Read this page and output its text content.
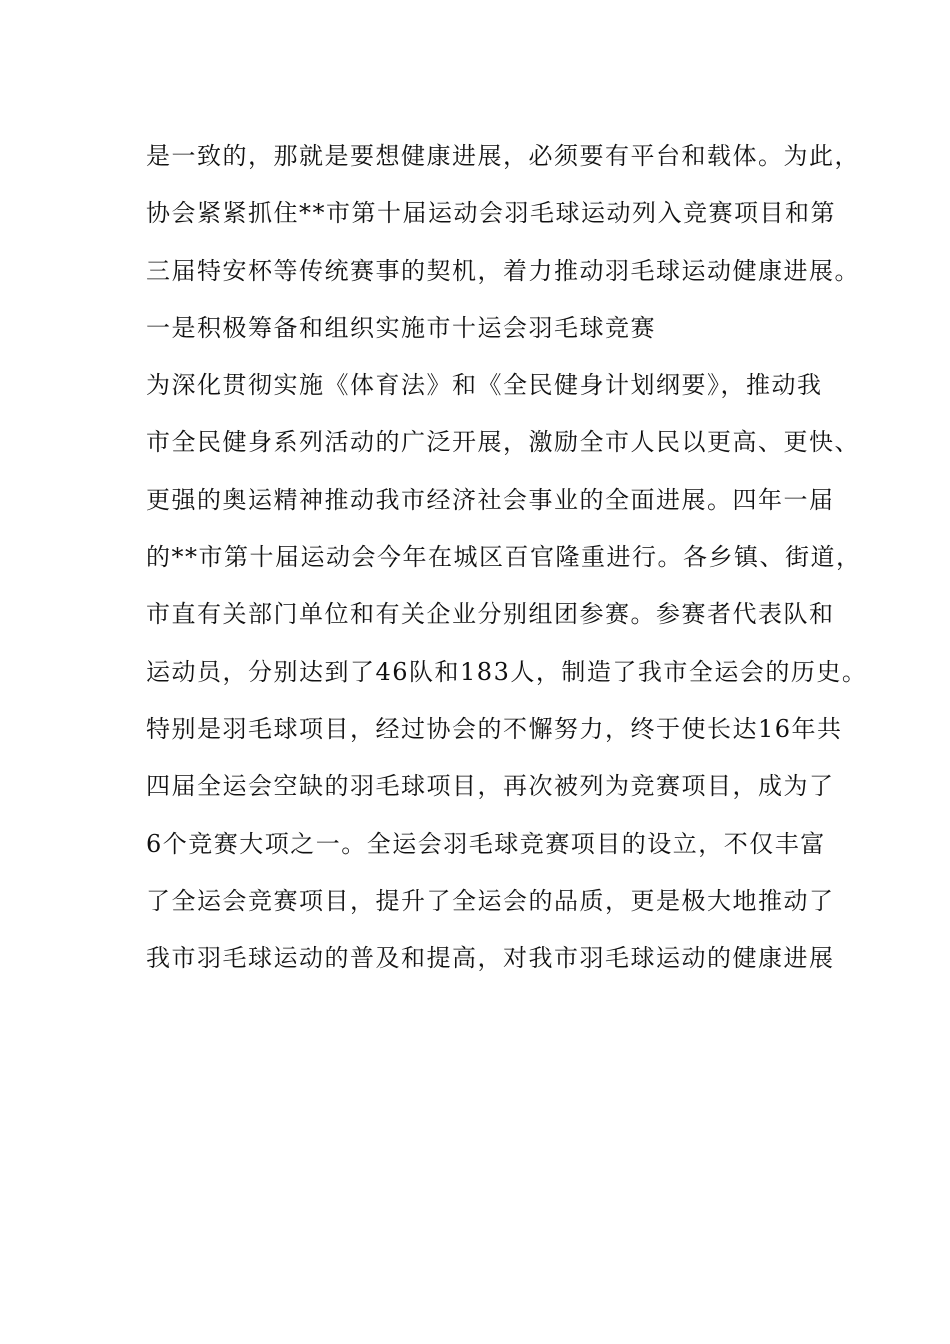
是一致的，那就是要想健康进展，必须要有平台和载体。为此，
协会紧紧抓住**市第十届运动会羽毛球运动列入竞赛项目和第
三届特安杯等传统赛事的契机，着力推动羽毛球运动健康进展。
一是积极筹备和组织实施市十运会羽毛球竞赛
为深化贯彻实施《体育法》和《全民健身计划纲要》，推动我
市全民健身系列活动的广泛开展，激励全市人民以更高、更快、
更强的奥运精神推动我市经济社会事业的全面进展。四年一届
的**市第十届运动会今年在城区百官隆重进行。各乡镇、街道，
市直有关部门单位和有关企业分别组团参赛。参赛者代表队和
运动员，分别达到了46队和183人，制造了我市全运会的历史。
特别是羽毛球项目，经过协会的不懈努力，终于使长达16年共
四届全运会空缺的羽毛球项目，再次被列为竞赛项目，成为了
6个竞赛大项之一。全运会羽毛球竞赛项目的设立，不仅丰富
了全运会竞赛项目，提升了全运会的品质，更是极大地推动了
我市羽毛球运动的普及和提高，对我市羽毛球运动的健康进展
